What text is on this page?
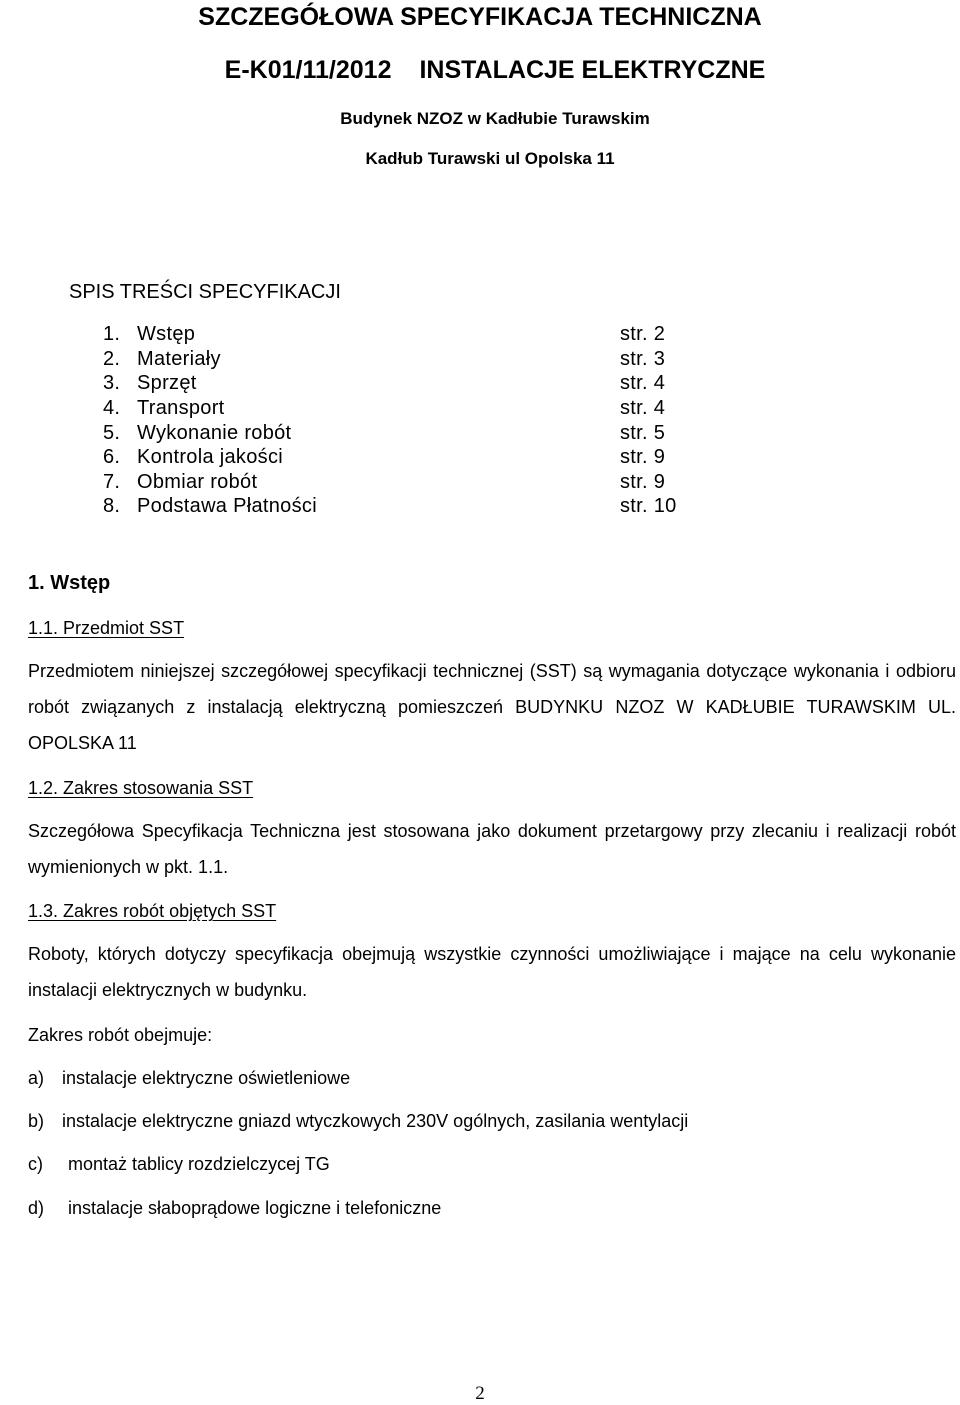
SZCZEGÓŁOWA SPECYFIKACJA TECHNICZNA
E-K01/11/2012 INSTALACJE ELEKTRYCZNE
Budynek NZOZ w Kadłubie Turawskim
Kadłub Turawski ul Opolska 11
SPIS TREŚCI SPECYFIKACJI
1. Wstęp	str. 2
2. Materiały	str. 3
3. Sprzęt	str. 4
4. Transport	str. 4
5. Wykonanie robót	str. 5
6. Kontrola jakości	str. 9
7. Obmiar robót	str. 9
8. Podstawa Płatności	str. 10
1. Wstęp
1.1. Przedmiot SST
Przedmiotem niniejszej szczegółowej specyfikacji technicznej (SST) są wymagania dotyczące wykonania i odbioru robót związanych z instalacją elektryczną pomieszczeń BUDYNKU NZOZ W KADŁUBIE TURAWSKIM UL. OPOLSKA 11
1.2. Zakres stosowania SST
Szczegółowa Specyfikacja Techniczna jest stosowana jako dokument przetargowy przy zlecaniu i realizacji robót wymienionych w pkt. 1.1.
1.3. Zakres robót objętych SST
Roboty, których dotyczy specyfikacja obejmują wszystkie czynności umożliwiające i mające na celu wykonanie instalacji elektrycznych w budynku.
Zakres robót obejmuje:
a) instalacje elektryczne oświetleniowe
b) instalacje elektryczne gniazd wtyczkowych 230V ogólnych, zasilania wentylacji
c) montaż tablicy rozdzielczycej TG
d) instalacje słaboprądowe logiczne i telefoniczne
2
